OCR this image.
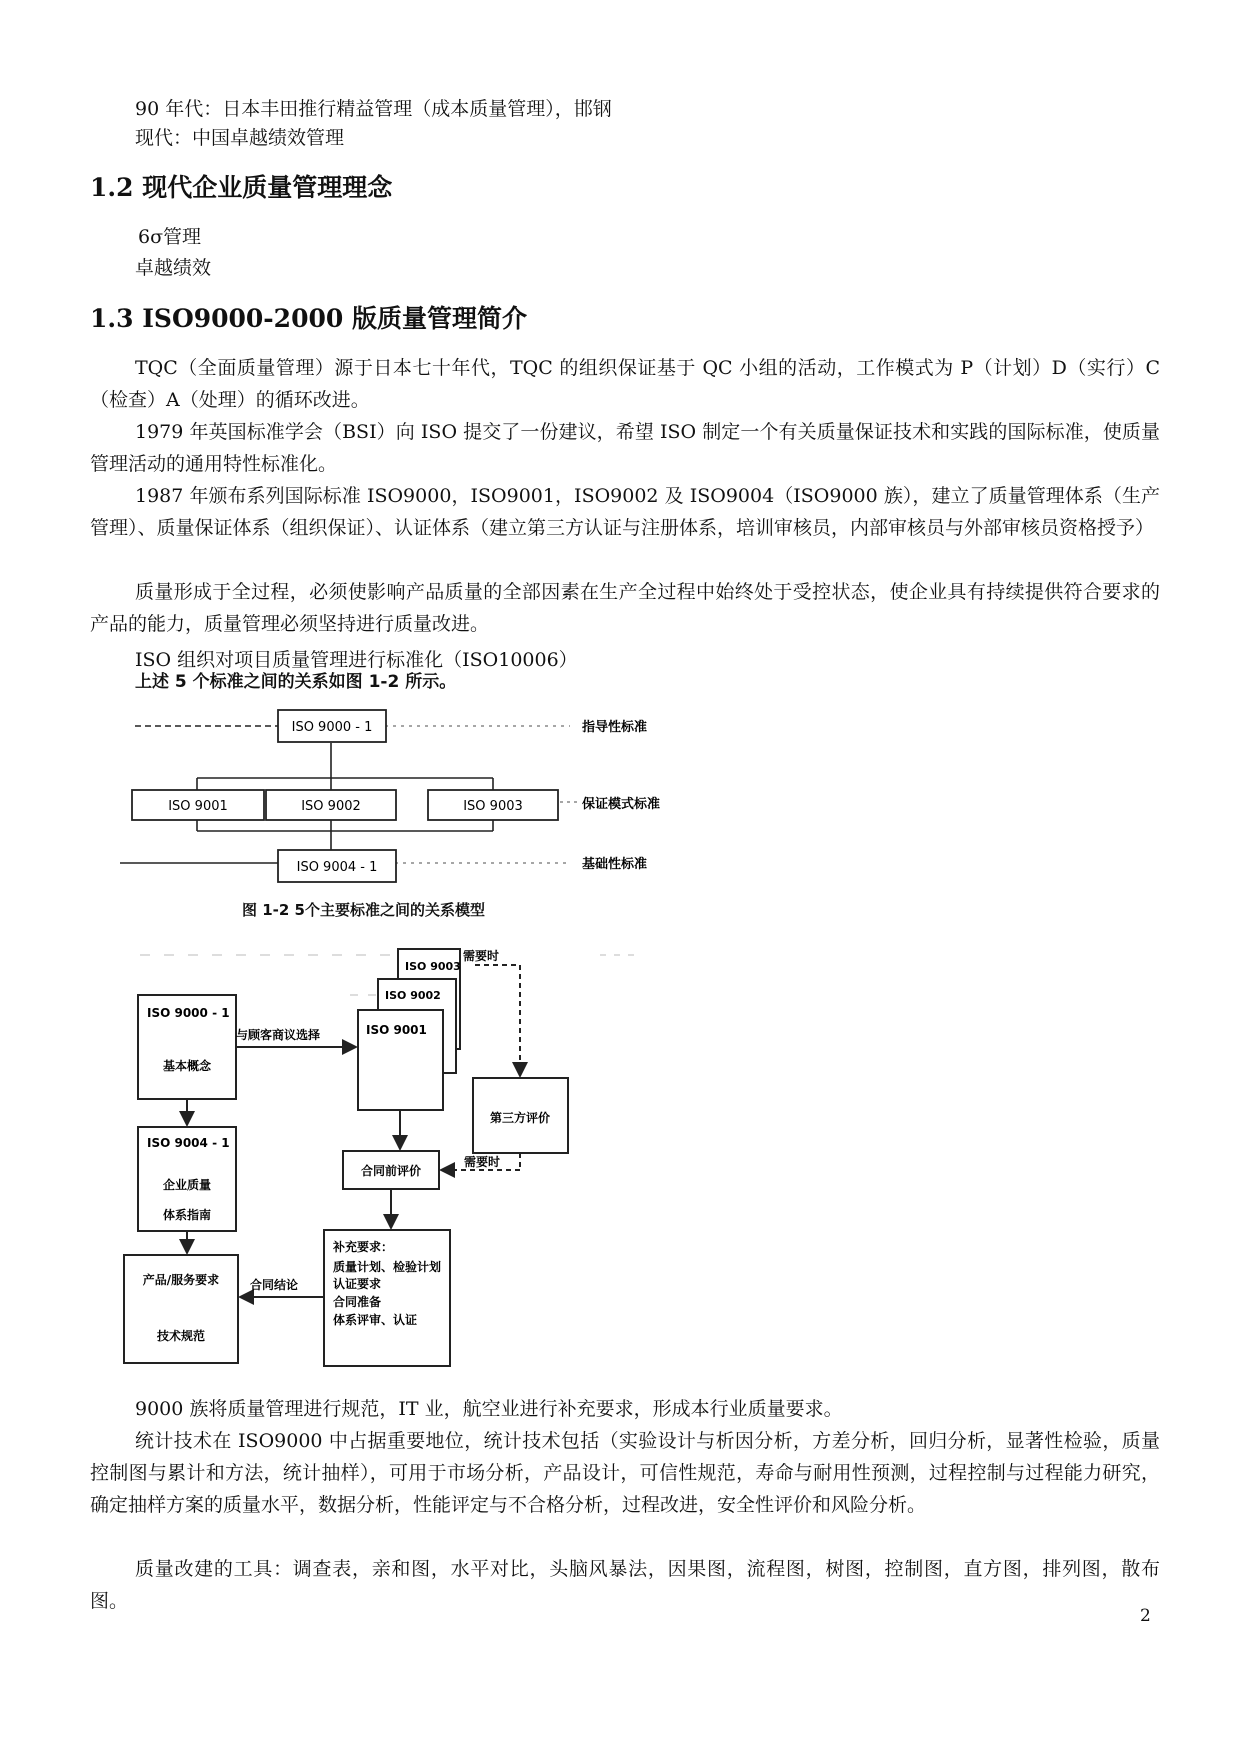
90 年代：日本丰田推行精益管理（成本质量管理），邯钢
现代：中国卓越绩效管理
1.2 现代企业质量管理理念
6σ管理
卓越绩效
1.3 ISO9000-2000 版质量管理简介
TQC（全面质量管理）源于日本七十年代，TQC 的组织保证基于 QC 小组的活动，工作模式为 P（计划）D（实行）C（检查）A（处理）的循环改进。
1979 年英国标准学会（BSI）向 ISO 提交了一份建议，希望 ISO 制定一个有关质量保证技术和实践的国际标准，使质量管理活动的通用特性标准化。
1987 年颁布系列国际标准 ISO9000，ISO9001，ISO9002 及 ISO9004（ISO9000 族），建立了质量管理体系（生产管理）、质量保证体系（组织保证）、认证体系（建立第三方认证与注册体系，培训审核员，内部审核员与外部审核员资格授予）
质量形成于全过程，必须使影响产品质量的全部因素在生产全过程中始终处于受控状态，使企业具有持续提供符合要求的产品的能力，质量管理必须坚持进行质量改进。
ISO 组织对项目质量管理进行标准化（ISO10006）
ISO 9000 - 1
ISO 9001	ISO 9002	ISO 9003
ISO 9004 - 1
指导性标准
保证模式标准
基础性标准
上述 5 个标准之间的关系如图 1-2 所示。
图 1-2 5个主要标准之间的关系模型
ISO 9000 - 1
基本概念
ISO 9004 - 1
企业质量
体系指南
产品/服务要求
技术规范
ISO 9003
ISO 9002
ISO 9001
第三方评价
合同前评价
补充要求：
质量计划、检验计划
认证要求
合同准备
体系评审、认证
与顾客商议选择
需要时
需要时
合同结论
9000 族将质量管理进行规范，IT 业，航空业进行补充要求，形成本行业质量要求。
统计技术在 ISO9000 中占据重要地位，统计技术包括（实验设计与析因分析，方差分析，回归分析，显著性检验，质量控制图与累计和方法，统计抽样），可用于市场分析，产品设计，可信性规范，寿命与耐用性预测，过程控制与过程能力研究，确定抽样方案的质量水平，数据分析，性能评定与不合格分析，过程改进，安全性评价和风险分析。
质量改建的工具：调查表，亲和图，水平对比，头脑风暴法，因果图，流程图，树图，控制图，直方图，排列图，散布图。
2
